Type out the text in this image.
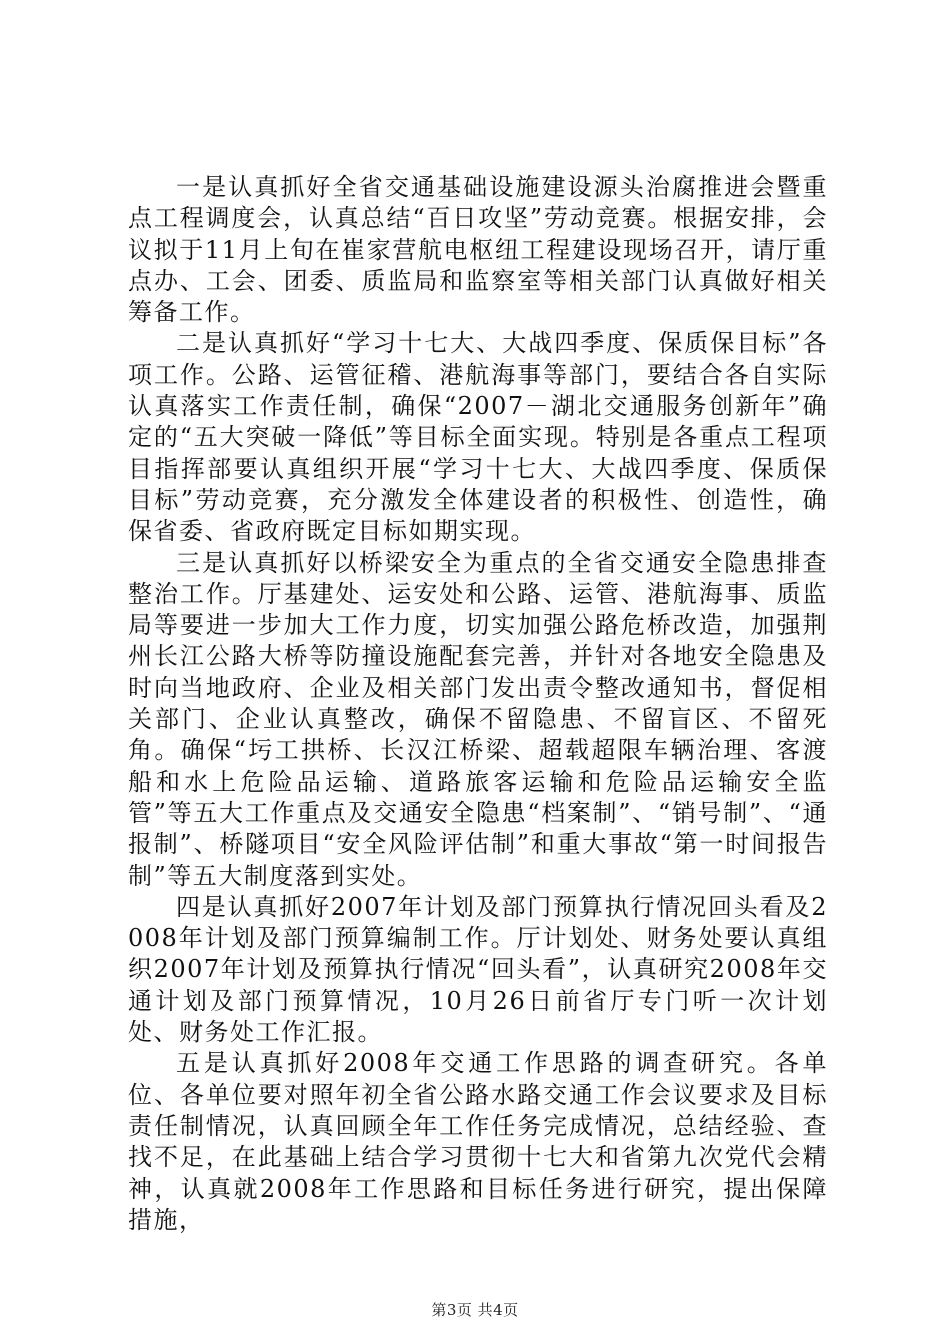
一是认真抓好全省交通基础设施建设源头治腐推进会暨重点工程调度会，认真总结“百日攻坚”劳动竞赛。根据安排，会议拟于11月上旬在崔家营航电枢纽工程建设现场召开，请厅重点办、工会、团委、质监局和监察室等相关部门认真做好相关筹备工作。

二是认真抓好“学习十七大、大战四季度、保质保目标”各项工作。公路、运管征稽、港航海事等部门，要结合各自实际认真落实工作责任制，确保“2007－湖北交通服务创新年”确定的“五大突破一降低”等目标全面实现。特别是各重点工程项目指挥部要认真组织开展“学习十七大、大战四季度、保质保目标”劳动竞赛，充分激发全体建设者的积极性、创造性，确保省委、省政府既定目标如期实现。

三是认真抓好以桥梁安全为重点的全省交通安全隐患排查整治工作。厅基建处、运安处和公路、运管、港航海事、质监局等要进一步加大工作力度，切实加强公路危桥改造，加强荆州长江公路大桥等防撞设施配套完善，并针对各地安全隐患及时向当地政府、企业及相关部门发出责令整改通知书，督促相关部门、企业认真整改，确保不留隐患、不留盲区、不留死角。确保“圬工拱桥、长汉江桥梁、超载超限车辆治理、客渡船和水上危险品运输、道路旅客运输和危险品运输安全监管”等五大工作重点及交通安全隐患“档案制”、“销号制”、“通报制”、桥隧项目“安全风险评估制”和重大事故“第一时间报告制”等五大制度落到实处。

四是认真抓好2007年计划及部门预算执行情况回头看及2008年计划及部门预算编制工作。厅计划处、财务处要认真组织2007年计划及预算执行情况“回头看”，认真研究2008年交通计划及部门预算情况，10月26日前省厅专门听一次计划处、财务处工作汇报。

五是认真抓好2008年交通工作思路的调查研究。各单位、各单位要对照年初全省公路水路交通工作会议要求及目标责任制情况，认真回顾全年工作任务完成情况，总结经验、查找不足，在此基础上结合学习贯彻十七大和省第九次党代会精神，认真就2008年工作思路和目标任务进行研究，提出保障措施，

第3页 共4页
